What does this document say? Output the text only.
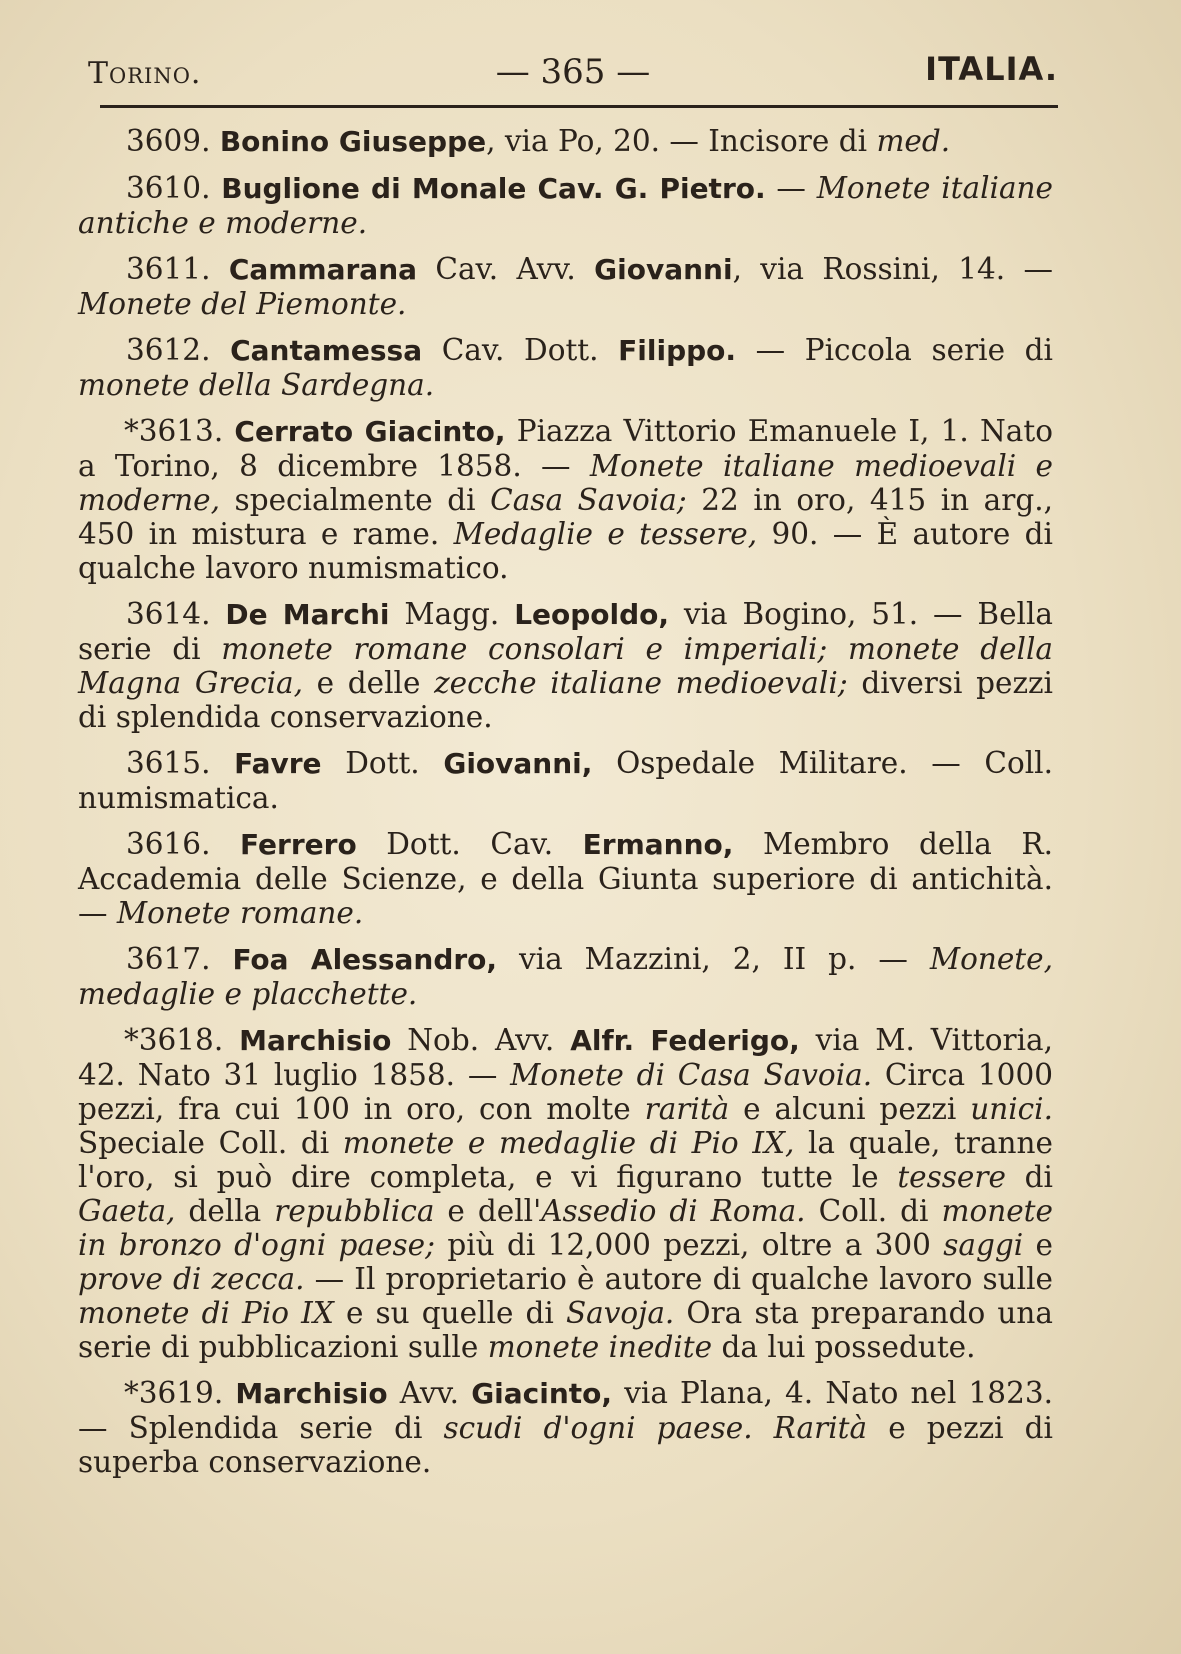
Torino.	— 365 —	ITALIA.

3609. Bonino Giuseppe, via Po, 20. — Incisore di med.

3610. Buglione di Monale Cav. G. Pietro. — Monete italiane antiche e moderne.

3611. Cammarana Cav. Avv. Giovanni, via Rossini, 14. — Monete del Piemonte.

3612. Cantamessa Cav. Dott. Filippo. — Piccola serie di monete della Sardegna.

*3613. Cerrato Giacinto, Piazza Vittorio Emanuele I, 1. Nato a Torino, 8 dicembre 1858. — Monete italiane medioevali e moderne, specialmente di Casa Savoia; 22 in oro, 415 in arg., 450 in mistura e rame. Medaglie e tessere, 90. — È autore di qualche lavoro numismatico.

3614. De Marchi Magg. Leopoldo, via Bogino, 51. — Bella serie di monete romane consolari e imperiali; monete della Magna Grecia, e delle zecche italiane medioevali; diversi pezzi di splendida conservazione.

3615. Favre Dott. Giovanni, Ospedale Militare. — Coll. numismatica.

3616. Ferrero Dott. Cav. Ermanno, Membro della R. Accademia delle Scienze, e della Giunta superiore di antichità. — Monete romane.

3617. Foa Alessandro, via Mazzini, 2, II p. — Monete, medaglie e placchette.

*3618. Marchisio Nob. Avv. Alfr. Federigo, via M. Vittoria, 42. Nato 31 luglio 1858. — Monete di Casa Savoia. Circa 1000 pezzi, fra cui 100 in oro, con molte rarità e alcuni pezzi unici. Speciale Coll. di monete e medaglie di Pio IX, la quale, tranne l'oro, si può dire completa, e vi figurano tutte le tessere di Gaeta, della repubblica e dell'Assedio di Roma. Coll. di monete in bronzo d'ogni paese; più di 12,000 pezzi, oltre a 300 saggi e prove di zecca. — Il proprietario è autore di qualche lavoro sulle monete di Pio IX e su quelle di Savoja. Ora sta preparando una serie di pubblicazioni sulle monete inedite da lui possedute.

*3619. Marchisio Avv. Giacinto, via Plana, 4. Nato nel 1823. — Splendida serie di scudi d'ogni paese. Rarità e pezzi di superba conservazione.
